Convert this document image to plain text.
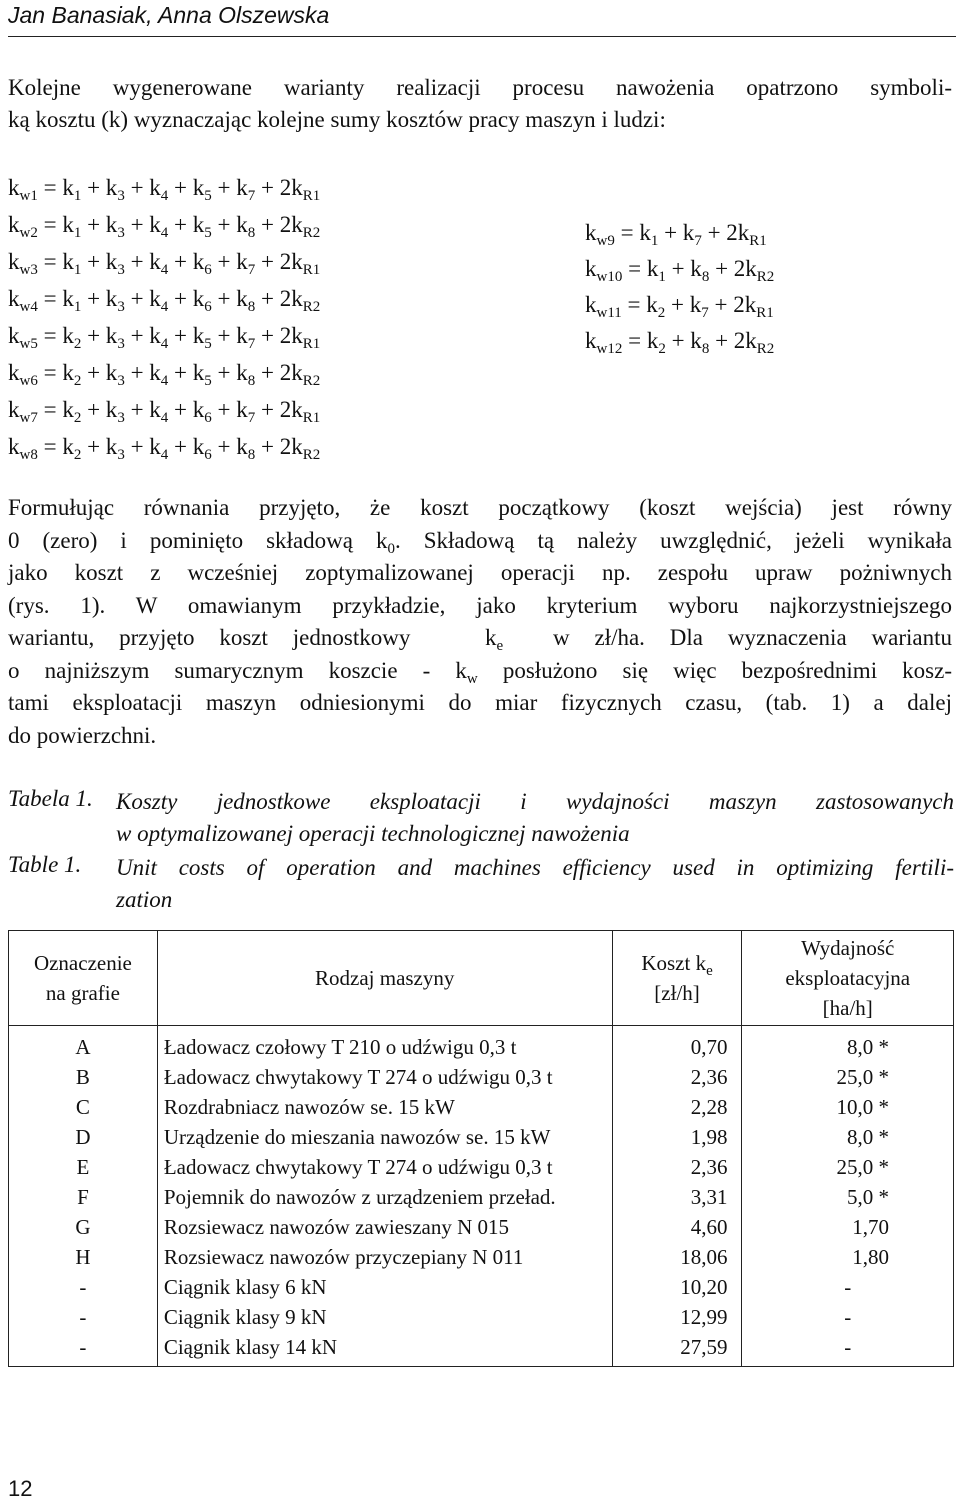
Jan Banasiak, Anna Olszewska
Kolejne wygenerowane warianty realizacji procesu nawożenia opatrzono symboli-
ką kosztu (k) wyznaczając kolejne sumy kosztów pracy maszyn i ludzi:
$k_{w1} = k_1 + k_3 + k_4 + k_5 + k_7 + 2k_{R1}$
$k_{w2} = k_1 + k_3 + k_4 + k_5 + k_8 + 2k_{R2}$
$k_{w3} = k_1 + k_3 + k_4 + k_6 + k_7 + 2k_{R1}$
$k_{w4} = k_1 + k_3 + k_4 + k_6 + k_8 + 2k_{R2}$
$k_{w5} = k_2 + k_3 + k_4 + k_5 + k_7 + 2k_{R1}$
$k_{w6} = k_2 + k_3 + k_4 + k_5 + k_8 + 2k_{R2}$
$k_{w7} = k_2 + k_3 + k_4 + k_6 + k_7 + 2k_{R1}$
$k_{w8} = k_2 + k_3 + k_4 + k_6 + k_8 + 2k_{R2}$
$k_{w9} = k_1 + k_7 + 2k_{R1}$
$k_{w10} = k_1 + k_8 + 2k_{R2}$
$k_{w11} = k_2 + k_7 + 2k_{R1}$
$k_{w12} = k_2 + k_8 + 2k_{R2}$
Formułując równania przyjęto, że koszt początkowy (koszt wejścia) jest równy
0 (zero) i pominięto składową $k_0$. Składową tą należy uwzględnić, jeżeli wynikała
jako koszt z wcześniej zoptymalizowanej operacji np. zespołu upraw pożniwnych
(rys. 1). W omawianym przykładzie, jako kryterium wyboru najkorzystniejszego
wariantu, przyjęto koszt jednostkowy   $k_e$  w zł/ha. Dla wyznaczenia wariantu
o najniższym sumarycznym koszcie - $k_w$ posłużono się więc bezpośrednimi kosz-
tami eksploatacji maszyn odniesionymi do miar fizycznych czasu, (tab. 1) a dalej
do powierzchni.
Tabela 1. Koszty jednostkowe eksploatacji i wydajności maszyn zastosowanych
w optymalizowanej operacji technologicznej nawożenia
Table 1. Unit costs of operation and machines efficiency used in optimizing fertili-
zation
Oznaczenie
na grafie	Rodzaj maszyny	Koszt $k_e$
[zł/h]	Wydajność
eksploatacyjna
[ha/h]
A	Ładowacz czołowy T 210 o udźwigu 0,3 t	0,70	8,0 *
B	Ładowacz chwytakowy T 274 o udźwigu 0,3 t	2,36	25,0 *
C	Rozdrabniacz nawozów se. 15 kW	2,28	10,0 *
D	Urządzenie do mieszania nawozów se. 15 kW	1,98	8,0 *
E	Ładowacz chwytakowy T 274 o udźwigu 0,3 t	2,36	25,0 *
F	Pojemnik do nawozów z urządzeniem przeład.	3,31	5,0 *
G	Rozsiewacz nawozów zawieszany N 015	4,60	1,70
H	Rozsiewacz nawozów przyczepiany N 011	18,06	1,80
-	Ciągnik klasy 6 kN	10,20	-
-	Ciągnik klasy 9 kN	12,99	-
-	Ciągnik klasy 14 kN	27,59	-
12
